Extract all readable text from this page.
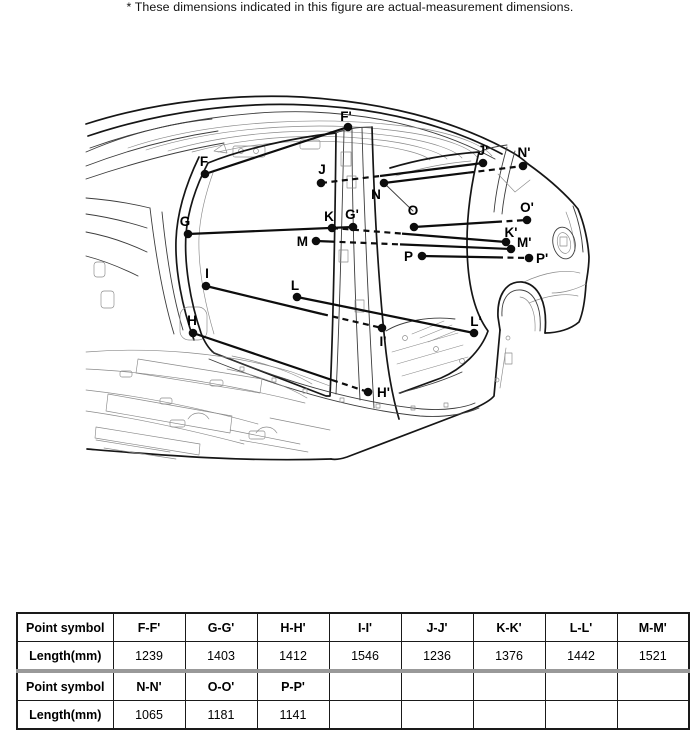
F
F'
G	G'
H
H'
I
I'
J
J'
K
K'
L
L'
M	M'
N
N'
O	O'
P	P'
* These dimensions indicated in this figure are actual-measurement dimensions.
Point symbol	F-F'	G-G'	H-H'	I-I'	J-J'	K-K'	L-L'	M-M'
Length(mm)	1239	1403	1412	1546	1236	1376	1442	1521
Point symbol	N-N'	O-O'	P-P'					
Length(mm)	1065	1181	1141					
